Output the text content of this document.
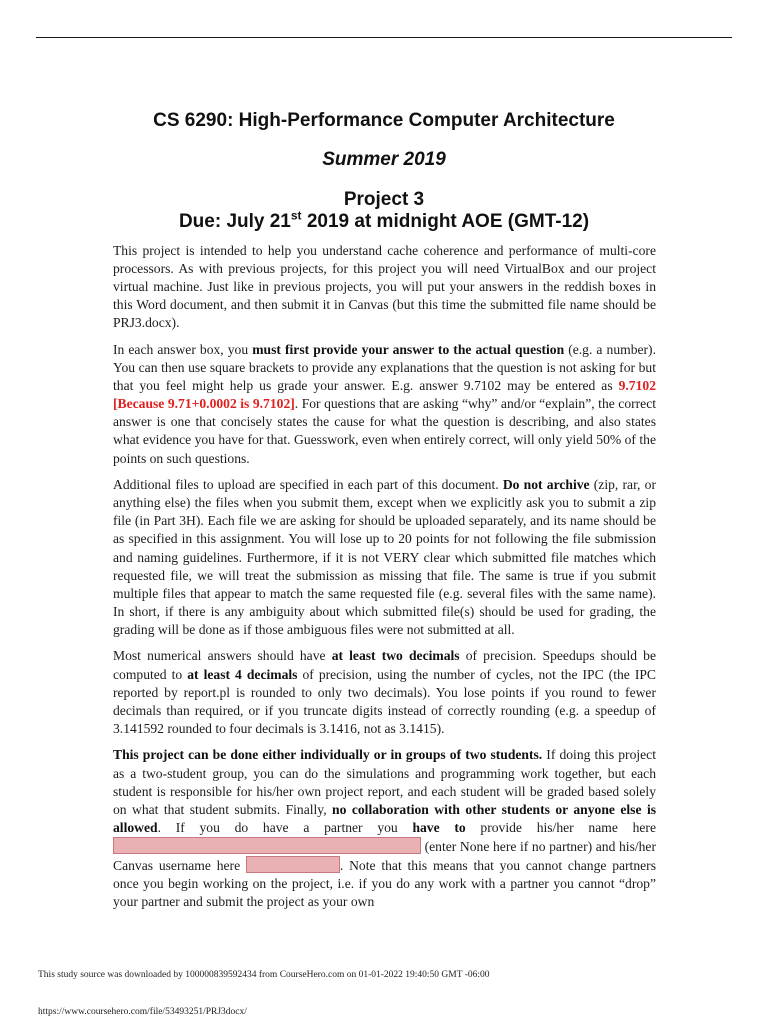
CS 6290: High-Performance Computer Architecture
Summer 2019
Project 3
Due: July 21st 2019 at midnight AOE (GMT-12)

This project is intended to help you understand cache coherence and performance of multi-core processors. As with previous projects, for this project you will need VirtualBox and our project virtual machine. Just like in previous projects, you will put your answers in the reddish boxes in this Word document, and then submit it in Canvas (but this time the submitted file name should be PRJ3.docx).

In each answer box, you must first provide your answer to the actual question (e.g. a number). You can then use square brackets to provide any explanations that the question is not asking for but that you feel might help us grade your answer. E.g. answer 9.7102 may be entered as 9.7102 [Because 9.71+0.0002 is 9.7102]. For questions that are asking “why” and/or “explain”, the correct answer is one that concisely states the cause for what the question is describing, and also states what evidence you have for that. Guesswork, even when entirely correct, will only yield 50% of the points on such questions.

Additional files to upload are specified in each part of this document. Do not archive (zip, rar, or anything else) the files when you submit them, except when we explicitly ask you to submit a zip file (in Part 3H). Each file we are asking for should be uploaded separately, and its name should be as specified in this assignment. You will lose up to 20 points for not following the file submission and naming guidelines. Furthermore, if it is not VERY clear which submitted file matches which requested file, we will treat the submission as missing that file. The same is true if you submit multiple files that appear to match the same requested file (e.g. several files with the same name). In short, if there is any ambiguity about which submitted file(s) should be used for grading, the grading will be done as if those ambiguous files were not submitted at all.

Most numerical answers should have at least two decimals of precision. Speedups should be computed to at least 4 decimals of precision, using the number of cycles, not the IPC (the IPC reported by report.pl is rounded to only two decimals). You lose points if you round to fewer decimals than required, or if you truncate digits instead of correctly rounding (e.g. a speedup of 3.141592 rounded to four decimals is 3.1416, not as 3.1415).

This project can be done either individually or in groups of two students. If doing this project as a two-student group, you can do the simulations and programming work together, but each student is responsible for his/her own project report, and each student will be graded based solely on what that student submits. Finally, no collaboration with other students or anyone else is allowed. If you do have a partner you have to provide his/her name here  (enter None here if no partner) and his/her Canvas username here	. Note that this means that you cannot change partners once you begin working on the project, i.e. if you do any work with a partner you cannot “drop” your partner and submit the project as your own

This study source was downloaded by 100000839592434 from CourseHero.com on 01-01-2022 19:40:50 GMT -06:00
https://www.coursehero.com/file/53493251/PRJ3docx/
